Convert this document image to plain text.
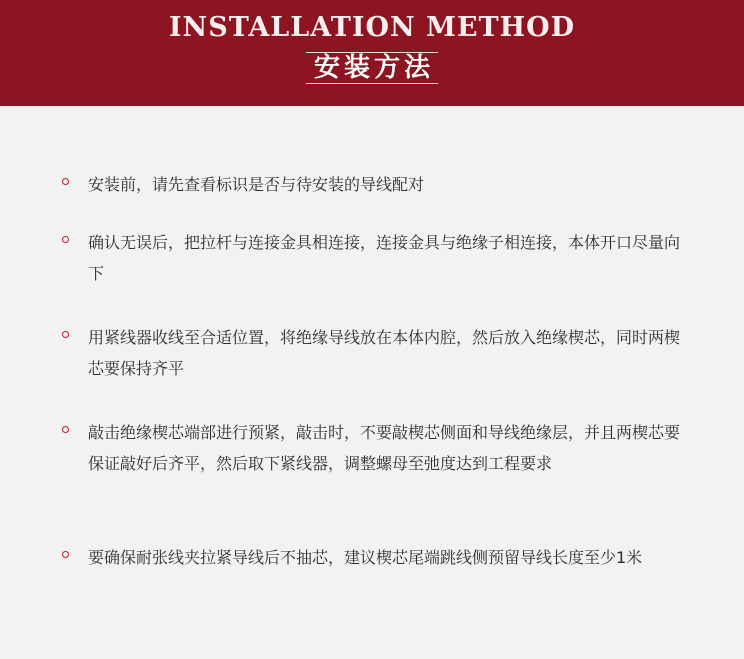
INSTALLATION METHOD
安装方法
安装前，请先查看标识是否与待安装的导线配对
确认无误后，把拉杆与连接金具相连接，连接金具与绝缘子相连接，本体开口尽量向下
用紧线器收线至合适位置，将绝缘导线放在本体内腔，然后放入绝缘楔芯，同时两楔芯要保持齐平
敲击绝缘楔芯端部进行预紧，敲击时，不要敲楔芯侧面和导线绝缘层，并且两楔芯要保证敲好后齐平，然后取下紧线器，调整螺母至弛度达到工程要求
要确保耐张线夹拉紧导线后不抽芯，建议楔芯尾端跳线侧预留导线长度至少1米
